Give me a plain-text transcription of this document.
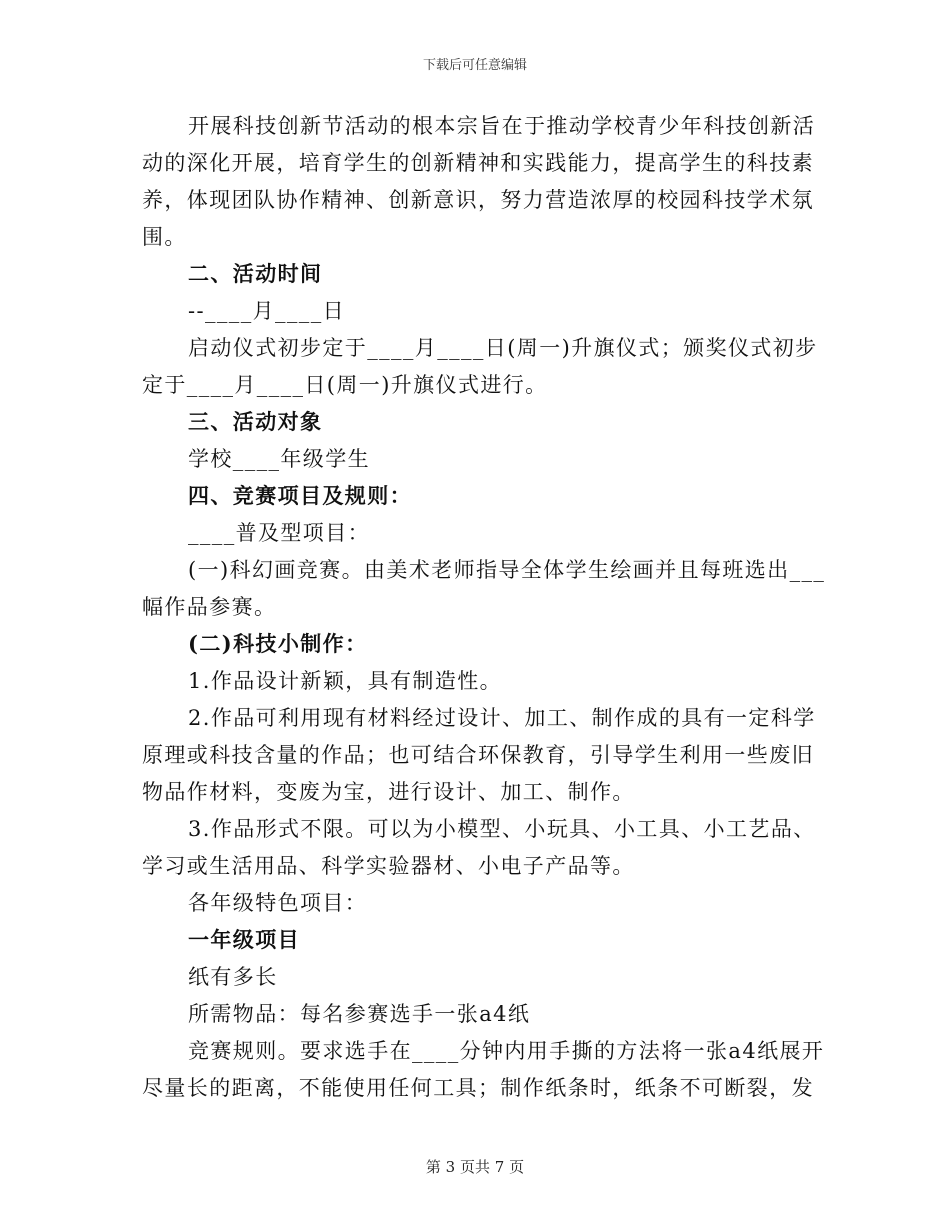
下载后可任意编辑
开展科技创新节活动的根本宗旨在于推动学校青少年科技创新活
动的深化开展，培育学生的创新精神和实践能力，提高学生的科技素
养，体现团队协作精神、创新意识，努力营造浓厚的校园科技学术氛
围。
二、活动时间
--____月____日
启动仪式初步定于____月____日(周一)升旗仪式；颁奖仪式初步
定于____月____日(周一)升旗仪式进行。
三、活动对象
学校____年级学生
四、竞赛项目及规则：
____普及型项目：
(一)科幻画竞赛。由美术老师指导全体学生绘画并且每班选出___
幅作品参赛。
(二)科技小制作：
1.作品设计新颖，具有制造性。
2.作品可利用现有材料经过设计、加工、制作成的具有一定科学
原理或科技含量的作品；也可结合环保教育，引导学生利用一些废旧
物品作材料，变废为宝，进行设计、加工、制作。
3.作品形式不限。可以为小模型、小玩具、小工具、小工艺品、
学习或生活用品、科学实验器材、小电子产品等。
各年级特色项目：
一年级项目
纸有多长
所需物品：每名参赛选手一张a4纸
竞赛规则。要求选手在____分钟内用手撕的方法将一张a4纸展开
尽量长的距离，不能使用任何工具；制作纸条时，纸条不可断裂，发
第 3 页共 7 页
